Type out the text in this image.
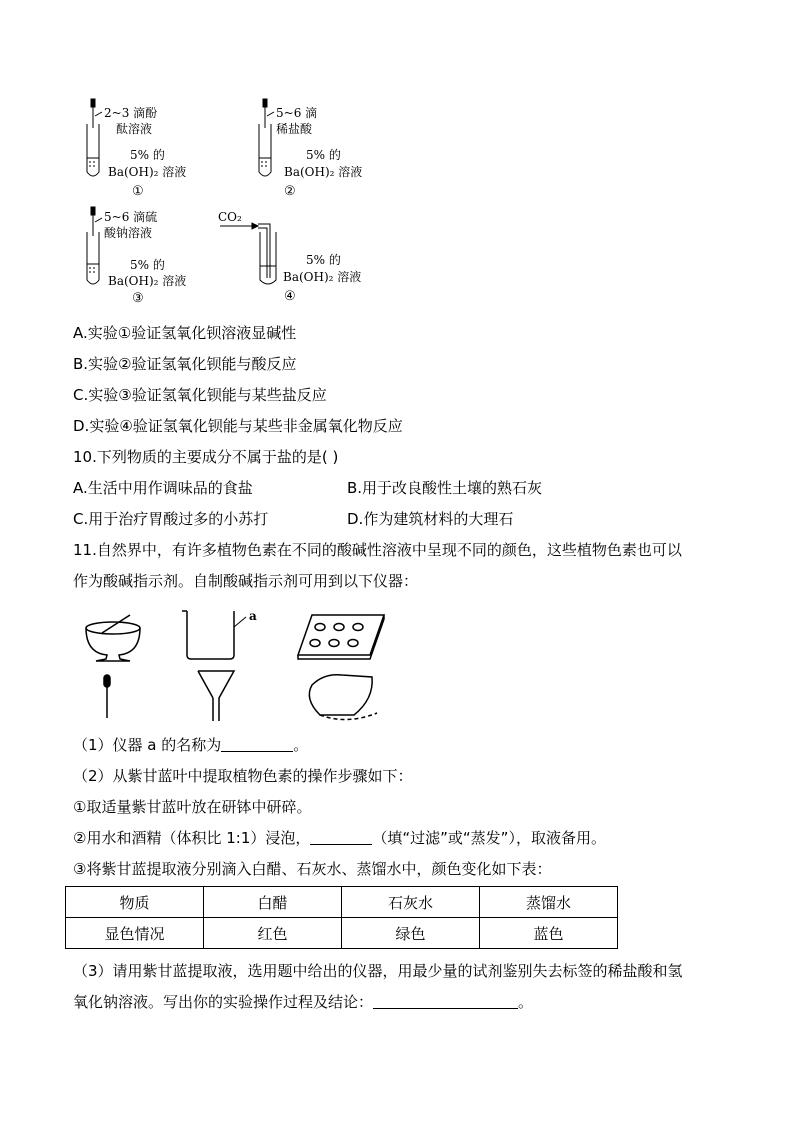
2~3 滴酚
酞溶液
5% 的
Ba(OH)₂ 溶液
①
5~6 滴
稀盐酸
5% 的
Ba(OH)₂ 溶液
②
5~6 滴硫
酸钠溶液
5% 的
Ba(OH)₂ 溶液
③
CO₂
5% 的
Ba(OH)₂ 溶液
④
A.实验①验证氢氧化钡溶液显碱性
B.实验②验证氢氧化钡能与酸反应
C.实验③验证氢氧化钡能与某些盐反应
D.实验④验证氢氧化钡能与某些非金属氧化物反应
10.下列物质的主要成分不属于盐的是( )
A.生活中用作调味品的食盐	B.用于改良酸性土壤的熟石灰
C.用于治疗胃酸过多的小苏打	D.作为建筑材料的大理石
11.自然界中，有许多植物色素在不同的酸碱性溶液中呈现不同的颜色，这些植物色素也可以
作为酸碱指示剂。自制酸碱指示剂可用到以下仪器：
a
（1）仪器 a 的名称为	。
（2）从紫甘蓝叶中提取植物色素的操作步骤如下：
①取适量紫甘蓝叶放在研钵中研碎。
②用水和酒精（体积比 1:1）浸泡，	（填“过滤”或“蒸发”），取液备用。
③将紫甘蓝提取液分别滴入白醋、石灰水、蒸馏水中，颜色变化如下表：
物质	白醋	石灰水	蒸馏水
显色情况	红色	绿色	蓝色
（3）请用紫甘蓝提取液，选用题中给出的仪器，用最少量的试剂鉴别失去标签的稀盐酸和氢
氧化钠溶液。写出你的实验操作过程及结论：	。
